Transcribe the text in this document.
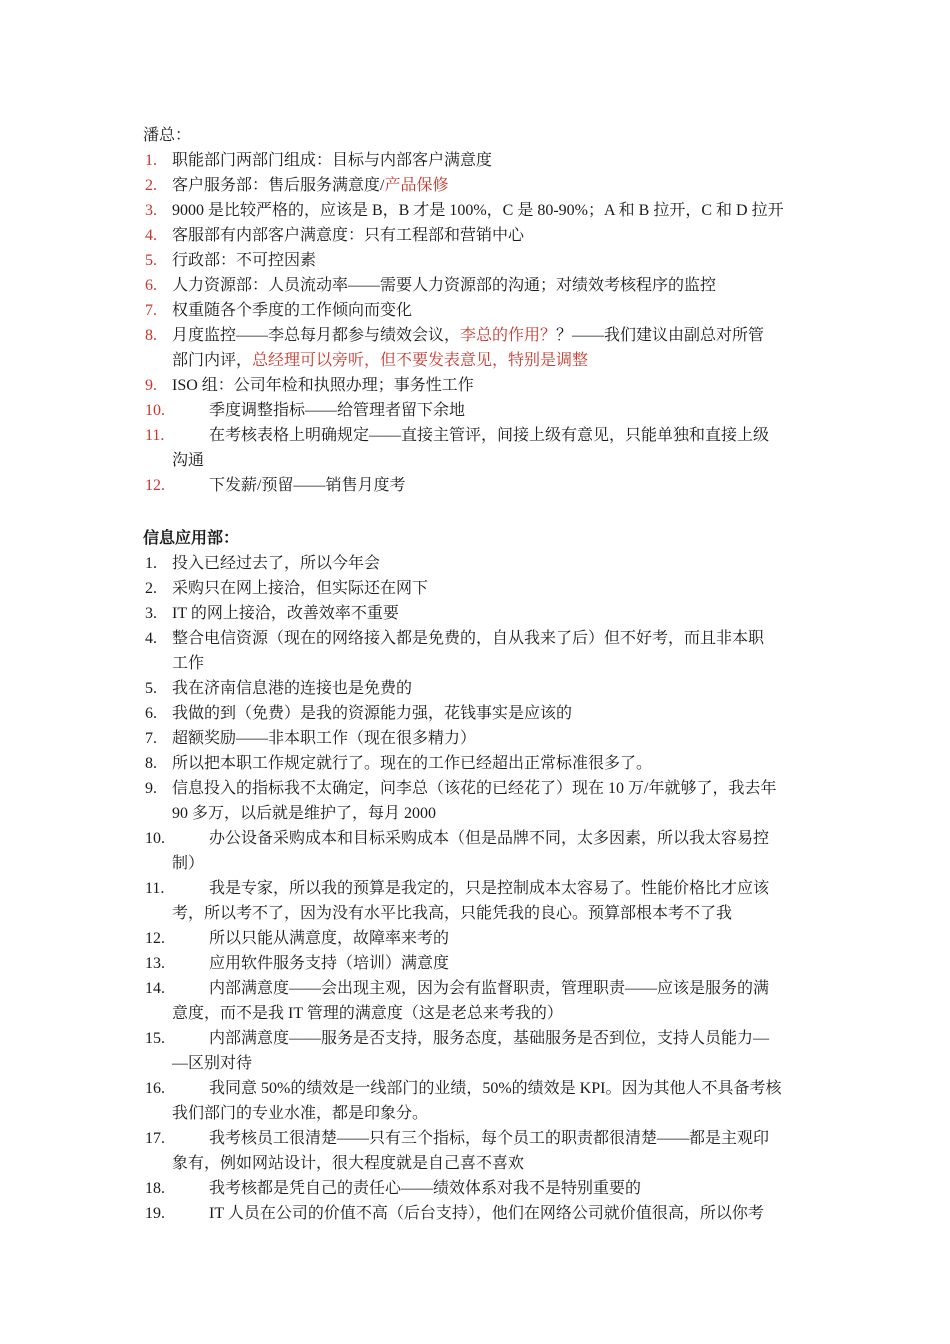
潘总：
1. 职能部门两部门组成：目标与内部客户满意度
2. 客户服务部：售后服务满意度/产品保修
3. 9000 是比较严格的，应该是 B，B 才是 100%，C 是 80-90%；A 和 B 拉开，C 和 D 拉开
4. 客服部有内部客户满意度：只有工程部和营销中心
5. 行政部：不可控因素
6. 人力资源部：人员流动率——需要人力资源部的沟通；对绩效考核程序的监控
7. 权重随各个季度的工作倾向而变化
8. 月度监控——李总每月都参与绩效会议，李总的作用？？——我们建议由副总对所管
部门内评，总经理可以旁听，但不要发表意见，特别是调整
9. ISO 组：公司年检和执照办理；事务性工作
10.	季度调整指标——给管理者留下余地
11.	在考核表格上明确规定——直接主管评，间接上级有意见，只能单独和直接上级
沟通
12.	下发薪/预留——销售月度考
信息应用部：
1. 投入已经过去了，所以今年会
2. 采购只在网上接洽，但实际还在网下
3. IT 的网上接洽，改善效率不重要
4. 整合电信资源（现在的网络接入都是免费的，自从我来了后）但不好考，而且非本职
工作
5. 我在济南信息港的连接也是免费的
6. 我做的到（免费）是我的资源能力强，花钱事实是应该的
7. 超额奖励——非本职工作（现在很多精力）
8. 所以把本职工作规定就行了。现在的工作已经超出正常标准很多了。
9. 信息投入的指标我不太确定，问李总（该花的已经花了）现在 10 万/年就够了，我去年
90 多万，以后就是维护了，每月 2000
10.	办公设备采购成本和目标采购成本（但是品牌不同，太多因素，所以我太容易控
制）
11.	我是专家，所以我的预算是我定的，只是控制成本太容易了。性能价格比才应该
考，所以考不了，因为没有水平比我高，只能凭我的良心。预算部根本考不了我
12.	所以只能从满意度，故障率来考的
13.	应用软件服务支持（培训）满意度
14.	内部满意度——会出现主观，因为会有监督职责，管理职责——应该是服务的满
意度，而不是我 IT 管理的满意度（这是老总来考我的）
15.	内部满意度——服务是否支持，服务态度，基础服务是否到位，支持人员能力—
—区别对待
16.	我同意 50%的绩效是一线部门的业绩，50%的绩效是 KPI。因为其他人不具备考核
我们部门的专业水准，都是印象分。
17.	我考核员工很清楚——只有三个指标，每个员工的职责都很清楚——都是主观印
象有，例如网站设计，很大程度就是自己喜不喜欢
18.	我考核都是凭自己的责任心——绩效体系对我不是特别重要的
19.	IT 人员在公司的价值不高（后台支持），他们在网络公司就价值很高，所以你考
